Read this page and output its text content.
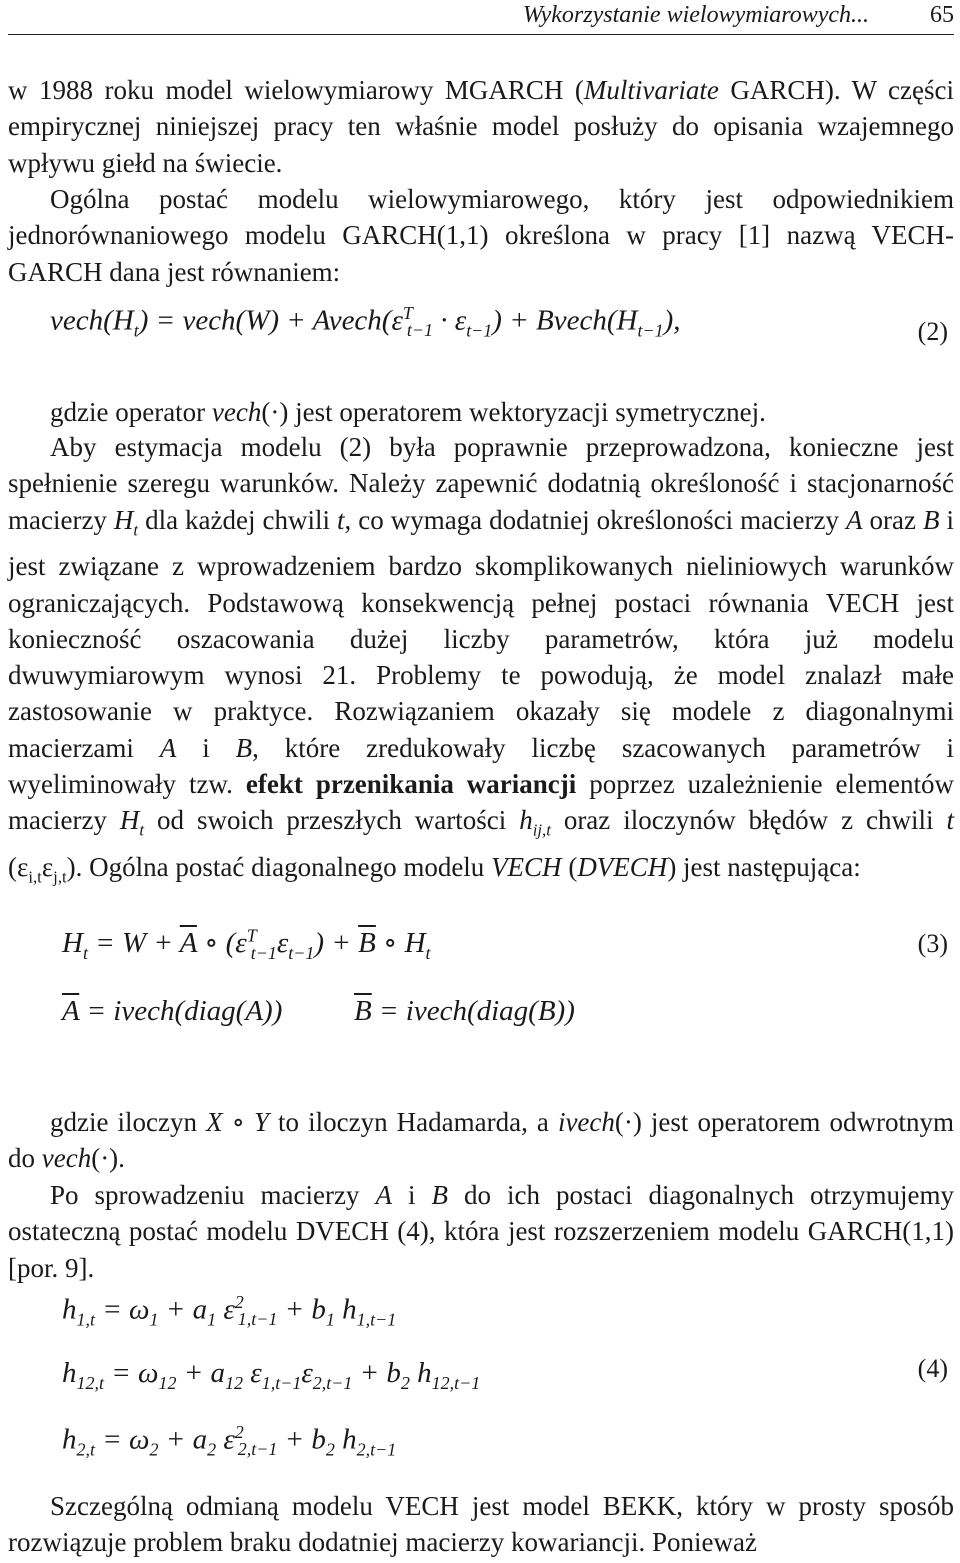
Wykorzystanie wielowymiarowych...	65

w 1988 roku model wielowymiarowy MGARCH (Multivariate GARCH). W części empirycznej niniejszej pracy ten właśnie model posłuży do opisania wzajemnego wpływu giełd na świecie.

Ogólna postać modelu wielowymiarowego, który jest odpowiednikiem jednorównaniowego modelu GARCH(1,1) określona w pracy [1] nazwą VECH-GARCH dana jest równaniem:

$vech(H_t)$ = vech(W) + $Avech(\varepsilon^T_{t-1} \cdot \varepsilon_{t-1})$ + $Bvech(H_{t-1})$,	(2)

gdzie operator vech(·) jest operatorem wektoryzacji symetrycznej.

Aby estymacja modelu (2) była poprawnie przeprowadzona, konieczne jest spełnienie szeregu warunków. Należy zapewnić dodatnią określoność i stacjonarność macierzy $H_t$ dla każdej chwili t, co wymaga dodatniej określoności macierzy A oraz B i jest związane z wprowadzeniem bardzo skomplikowanych nieliniowych warunków ograniczających. Podstawową konsekwencją pełnej postaci równania VECH jest konieczność oszacowania dużej liczby parametrów, która już modelu dwuwymiarowym wynosi 21. Problemy te powodują, że model znalazł małe zastosowanie w praktyce. Rozwiązaniem okazały się modele z diagonalnymi macierzami A i B, które zredukowały liczbę szacowanych parametrów i wyeliminowały tzw. efekt przenikania wariancji poprzez uzależnienie elementów macierzy $H_t$ od swoich przeszłych wartości $h_{ij,t}$ oraz iloczynów błędów z chwili t $(\varepsilon_{i,t}\varepsilon_{j,t})$. Ogólna postać diagonalnego modelu VECH (DVECH) jest następująca:

$H_t = W + \overline{A}$ ∘ $(\varepsilon^T_{t-1}\varepsilon_{t-1}) + \overline{B}$ ∘ $H_t$	(3)
$\overline{A}$ = ivech(diag(A)) $\overline{B}$ = ivech(diag(B))

gdzie iloczyn X ∘ Y to iloczyn Hadamarda, a ivech(·) jest operatorem odwrotnym do vech(·).

Po sprowadzeniu macierzy A i B do ich postaci diagonalnych otrzymujemy ostateczną postać modelu DVECH (4), która jest rozszerzeniem modelu GARCH(1,1) [por. 9].

$h_{1,t} = \omega_1 + a_1$ $\varepsilon^2_{1,t-1} + b_1$ $h_{1,t-1}$
$h_{12,t} = \omega_{12} + a_{12}$ $\varepsilon_{1,t-1}\varepsilon_{2,t-1} + b_2$ $h_{12,t-1}$	(4)
$h_{2,t} = \omega_2 + a_2$ $\varepsilon^2_{2,t-1} + b_2$ $h_{2,t-1}$

Szczególną odmianą modelu VECH jest model BEKK, który w prosty sposób rozwiązuje problem braku dodatniej macierzy kowariancji. Ponieważ
